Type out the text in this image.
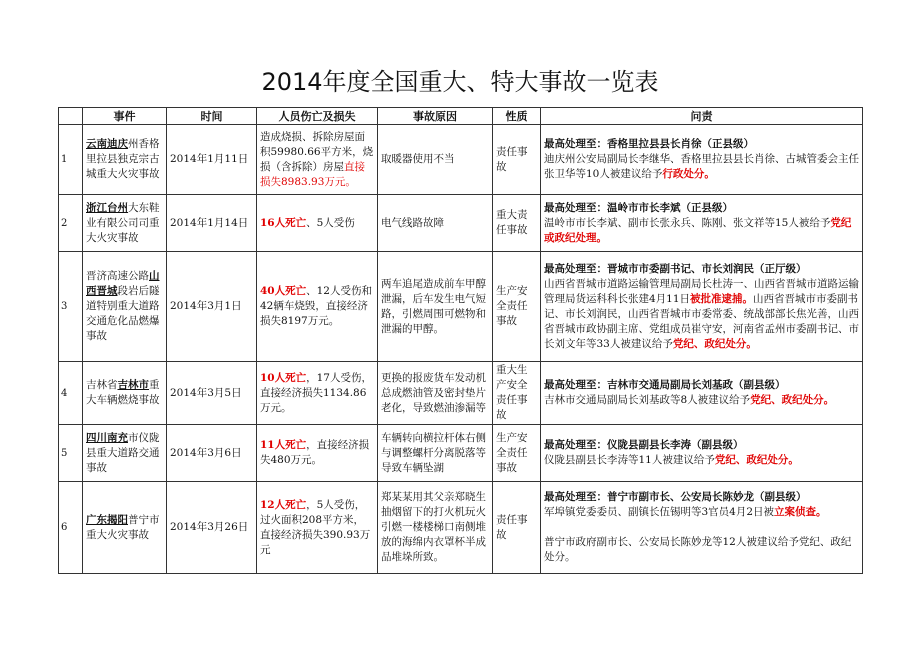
2014年度全国重大、特大事故一览表
	事件	时间	人员伤亡及损失	事故原因	性质	问责
1	云南迪庆州香格里拉县独克宗古城重大火灾事故	2014年1月11日	造成烧损、拆除房屋面积59980.66平方米，烧损（含拆除）房屋直接损失8983.93万元。	取暖器使用不当	责任事故	最高处理至：香格里拉县县长肖徐（正县级）
迪庆州公安局副局长李继华、香格里拉县县长肖徐、古城管委会主任张卫华等10人被建议给予行政处分。
2	浙江台州大东鞋业有限公司司重大火灾事故	2014年1月14日	16人死亡、5人受伤	电气线路故障	重大责任事故	最高处理至：温岭市市长李斌（正县级）
温岭市市长李斌、副市长张永兵、陈刚、张文祥等15人被给予党纪或政纪处理。
3	晋济高速公路山西晋城段岩后隧道特别重大道路交通危化品燃爆事故	2014年3月1日	40人死亡、12人受伤和42辆车烧毁，直接经济损失8197万元。	两车追尾造成前车甲醇泄漏，后车发生电气短路，引燃周围可燃物和泄漏的甲醇。	生产安全责任事故	最高处理至：晋城市市委副书记、市长刘润民（正厅级）
山西省晋城市道路运输管理局副局长杜涛一、山西省晋城市道路运输管理局货运科科长张建4月11日被批准逮捕。山西省晋城市市委副书记、市长刘润民，山西省晋城市市委常委、统战部部长焦光善，山西省晋城市政协副主席、党组成员崔守安，河南省孟州市委副书记、市长刘文年等33人被建议给予党纪、政纪处分。
4	吉林省吉林市重大车辆燃烧事故	2014年3月5日	10人死亡，17人受伤，直接经济损失1134.86万元。	更换的报废货车发动机总成燃油管及密封垫片老化，导致燃油渗漏等	重大生产安全责任事故	最高处理至：吉林市交通局副局长刘基政（副县级）
吉林市交通局副局长刘基政等8人被建议给予党纪、政纪处分。
5	四川南充市仪陇县重大道路交通事故	2014年3月6日	11人死亡，直接经济损失480万元。	车辆转向横拉杆体右侧与调整螺杆分离脱落等导致车辆坠湖	生产安全责任事故	最高处理至：仪陇县副县长李涛（副县级）
仪陇县副县长李涛等11人被建议给予党纪、政纪处分。
6	广东揭阳普宁市重大火灾事故	2014年3月26日	12人死亡，5人受伤，过火面积208平方米，直接经济损失390.93万元	郑某某用其父亲郑晓生抽烟留下的打火机玩火引燃一楼楼梯口南侧堆放的海绵内衣罩杯半成品堆垛所致。	责任事故	最高处理至：普宁市副市长、公安局长陈妙龙（副县级）
军埠镇党委委员、副镇长伍锡明等3官员4月2日被立案侦查。
普宁市政府副市长、公安局长陈妙龙等12人被建议给予党纪、政纪处分。
